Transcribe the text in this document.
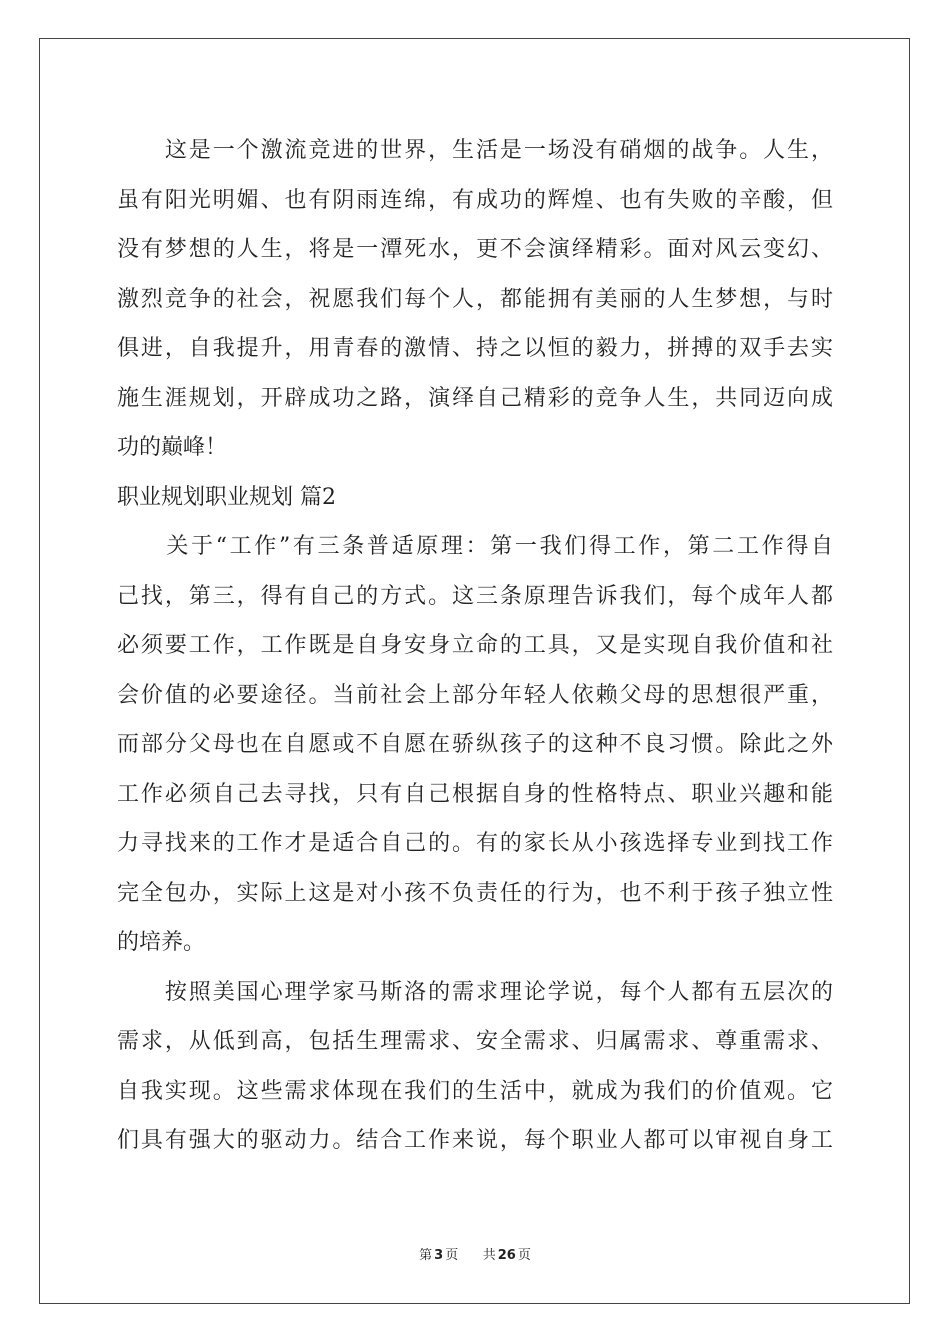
　　这是一个激流竞进的世界，生活是一场没有硝烟的战争。人生，
虽有阳光明媚、也有阴雨连绵，有成功的辉煌、也有失败的辛酸，但
没有梦想的人生，将是一潭死水，更不会演绎精彩。面对风云变幻、
激烈竞争的社会，祝愿我们每个人，都能拥有美丽的人生梦想，与时
俱进，自我提升，用青春的激情、持之以恒的毅力，拼搏的双手去实
施生涯规划，开辟成功之路，演绎自己精彩的竞争人生，共同迈向成
功的巅峰！
职业规划职业规划 篇2
　　关于“工作”有三条普适原理：第一我们得工作，第二工作得自
己找，第三，得有自己的方式。这三条原理告诉我们，每个成年人都
必须要工作，工作既是自身安身立命的工具，又是实现自我价值和社
会价值的必要途径。当前社会上部分年轻人依赖父母的思想很严重，
而部分父母也在自愿或不自愿在骄纵孩子的这种不良习惯。除此之外
工作必须自己去寻找，只有自己根据自身的性格特点、职业兴趣和能
力寻找来的工作才是适合自己的。有的家长从小孩选择专业到找工作
完全包办，实际上这是对小孩不负责任的行为，也不利于孩子独立性
的培养。
　　按照美国心理学家马斯洛的需求理论学说，每个人都有五层次的
需求，从低到高，包括生理需求、安全需求、归属需求、尊重需求、
自我实现。这些需求体现在我们的生活中，就成为我们的价值观。它
们具有强大的驱动力。结合工作来说，每个职业人都可以审视自身工
第 3 页 共 26 页
